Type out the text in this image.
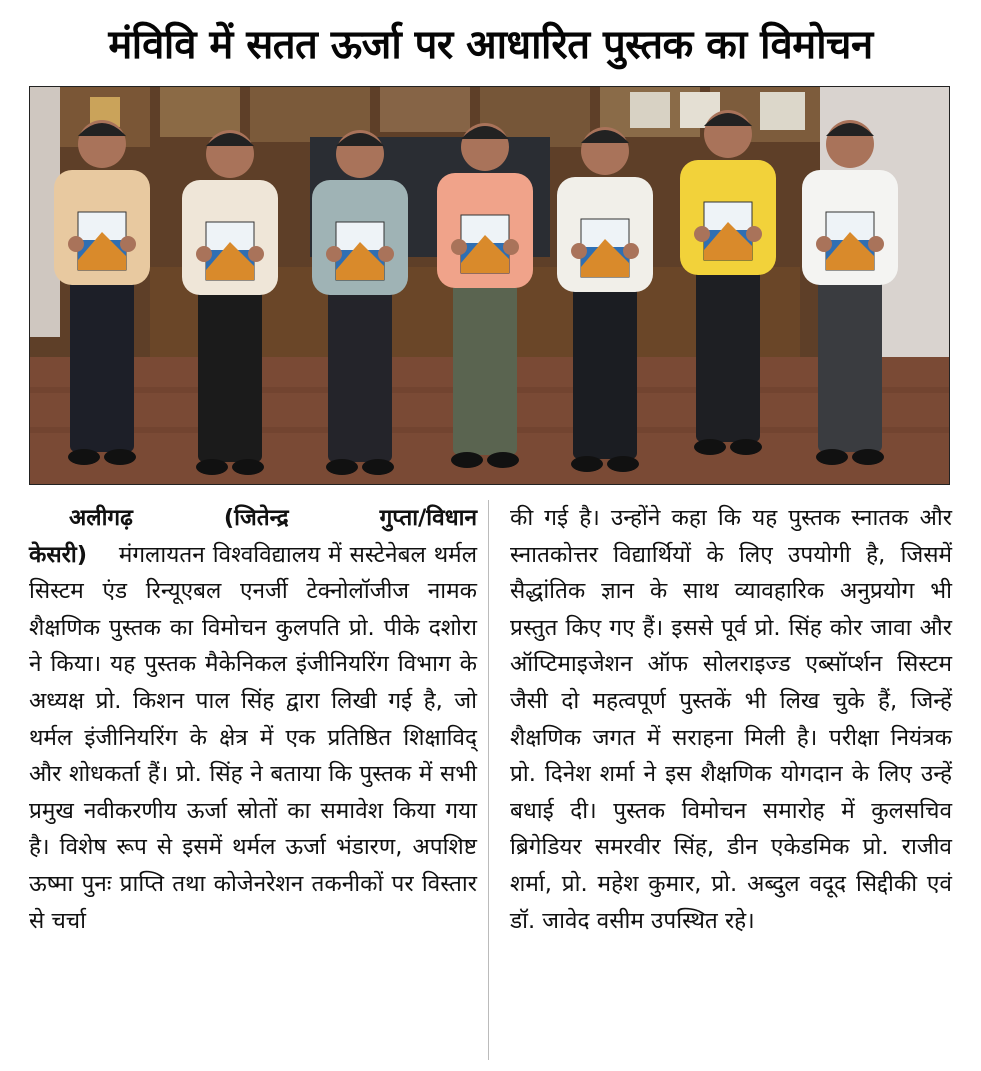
मंविवि में सतत ऊर्जा पर आधारित पुस्तक का विमोचन
अलीगढ़ (जितेन्द्र गुप्ता/विधान केसरी) मंगलायतन विश्वविद्यालय में सस्टेनेबल थर्मल सिस्टम एंड रिन्यूएबल एनर्जी टेक्नोलॉजीज नामक शैक्षणिक पुस्तक का विमोचन कुलपति प्रो. पीके दशोरा ने किया। यह पुस्तक मैकेनिकल इंजीनियरिंग विभाग के अध्यक्ष प्रो. किशन पाल सिंह द्वारा लिखी गई है, जो थर्मल इंजीनियरिंग के क्षेत्र में एक प्रतिष्ठित शिक्षाविद् और शोधकर्ता हैं। प्रो. सिंह ने बताया कि पुस्तक में सभी प्रमुख नवीकरणीय ऊर्जा स्रोतों का समावेश किया गया है। विशेष रूप से इसमें थर्मल ऊर्जा भंडारण, अपशिष्ट ऊष्मा पुनः प्राप्ति तथा कोजेनरेशन तकनीकों पर विस्तार से चर्चा
की गई है। उन्होंने कहा कि यह पुस्तक स्नातक और स्नातकोत्तर विद्यार्थियों के लिए उपयोगी है, जिसमें सैद्धांतिक ज्ञान के साथ व्यावहारिक अनुप्रयोग भी प्रस्तुत किए गए हैं। इससे पूर्व प्रो. सिंह कोर जावा और ऑप्टिमाइजेशन ऑफ सोलराइज्ड एब्सॉर्प्शन सिस्टम जैसी दो महत्वपूर्ण पुस्तकें भी लिख चुके हैं, जिन्हें शैक्षणिक जगत में सराहना मिली है। परीक्षा नियंत्रक प्रो. दिनेश शर्मा ने इस शैक्षणिक योगदान के लिए उन्हें बधाई दी। पुस्तक विमोचन समारोह में कुलसचिव ब्रिगेडियर समरवीर सिंह, डीन एकेडमिक प्रो. राजीव शर्मा, प्रो. महेश कुमार, प्रो. अब्दुल वदूद सिद्दीकी एवं डॉ. जावेद वसीम उपस्थित रहे।
